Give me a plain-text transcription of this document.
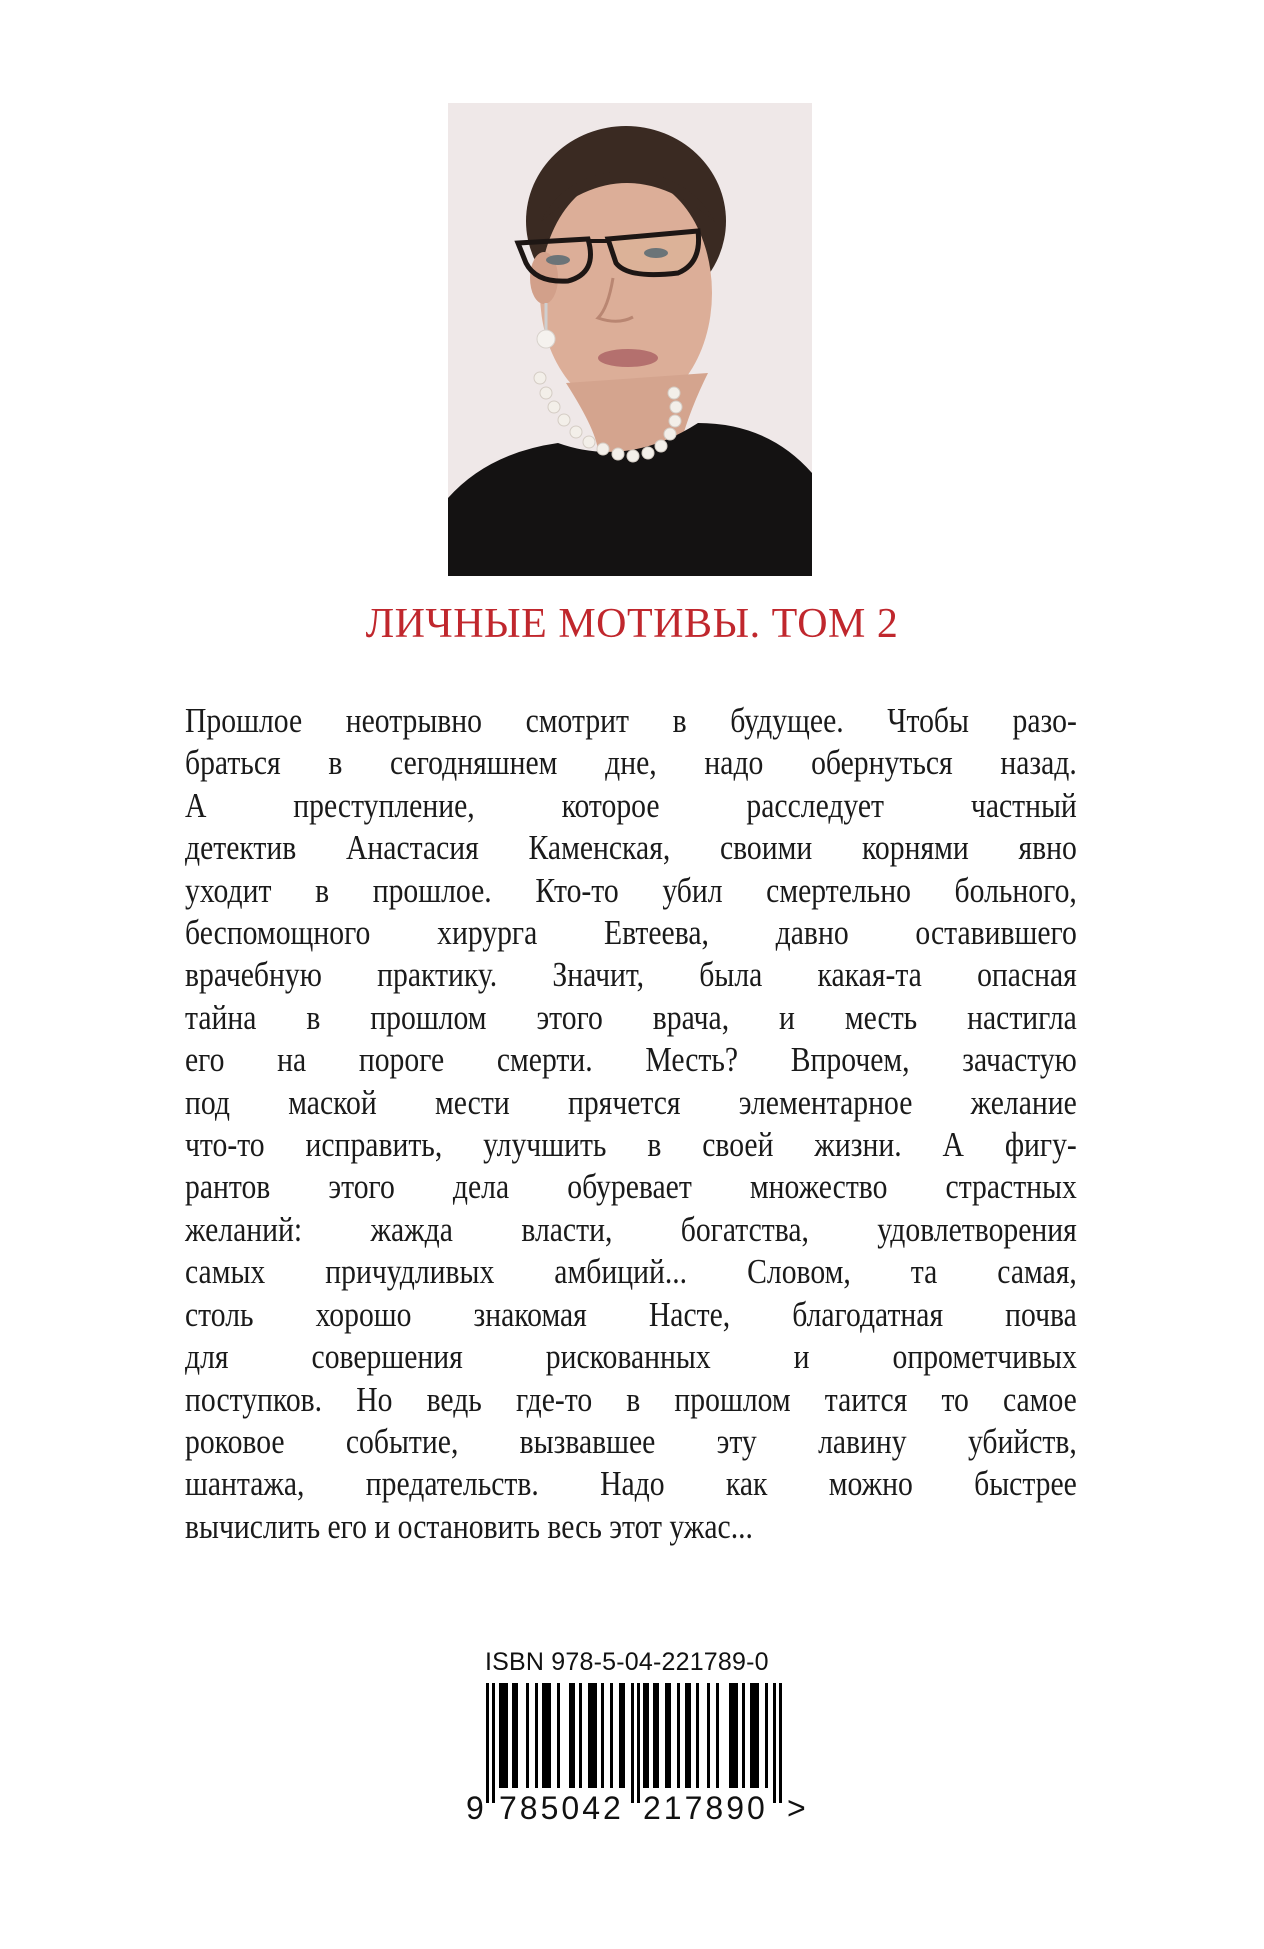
ЛИЧНЫЕ МОТИВЫ. ТОМ 2
Прошлое неотрывно смотрит в будущее. Чтобы разо-
браться в сегодняшнем дне, надо обернуться назад.
А преступление, которое расследует частный
детектив Анастасия Каменская, своими корнями явно
уходит в прошлое. Кто-то убил смертельно больного,
беспомощного хирурга Евтеева, давно оставившего
врачебную практику. Значит, была какая-та опасная
тайна в прошлом этого врача, и месть настигла
его на пороге смерти. Месть? Впрочем, зачастую
под маской мести прячется элементарное желание
что-то исправить, улучшить в своей жизни. А фигу-
рантов этого дела обуревает множество страстных
желаний: жажда власти, богатства, удовлетворения
самых причудливых амбиций... Словом, та самая,
столь хорошо знакомая Насте, благодатная почва
для совершения рискованных и опрометчивых
поступков. Но ведь где-то в прошлом таится то самое
роковое событие, вызвавшее эту лавину убийств,
шантажа, предательств. Надо как можно быстрее
вычислить его и остановить весь этот ужас...
ISBN 978-5-04-221789-0
9 785042 217890 >
